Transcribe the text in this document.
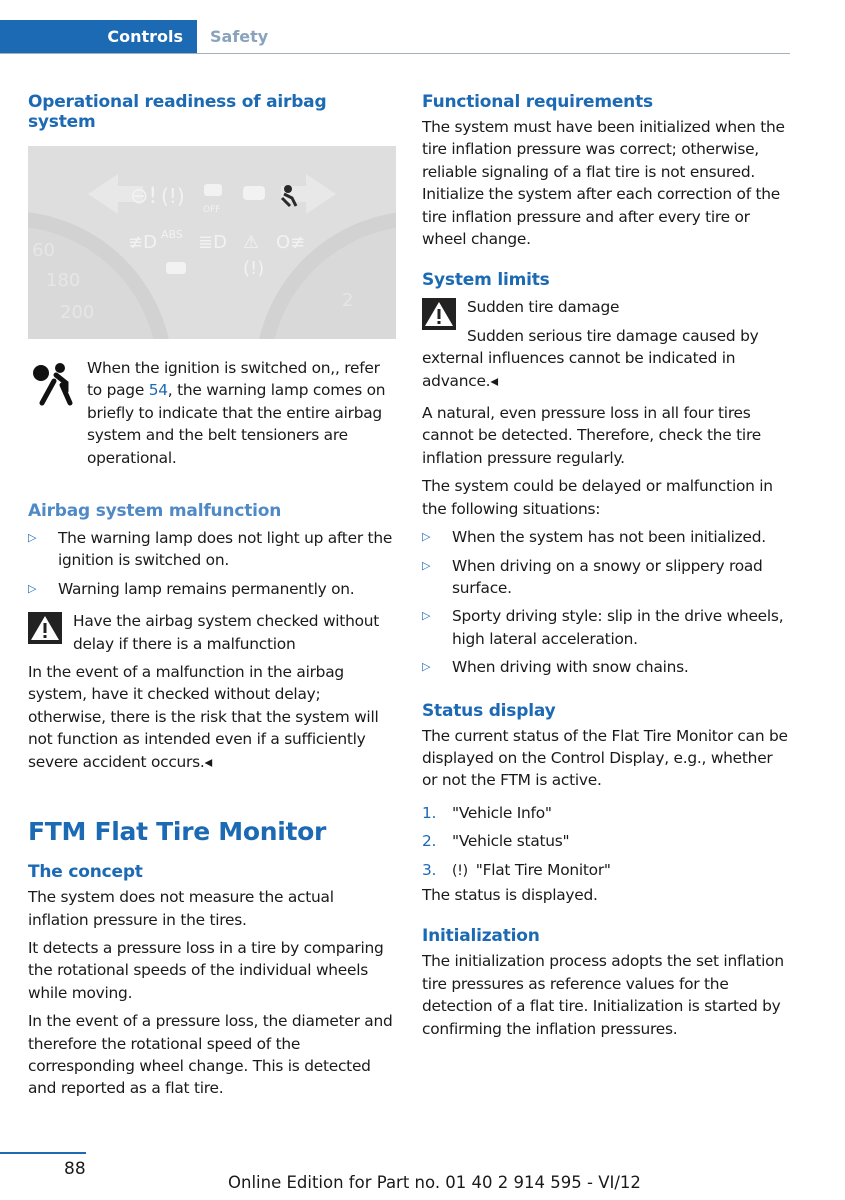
Controls	Safety
Operational readiness of airbag system
⊖! (!)
OFF
≢D ABS ≣D ⚠ O≢
(!)
60
180
200
2

When the ignition is switched on,, refer to page 54, the warning lamp comes on briefly to indicate that the entire airbag system and the belt tensioners are operational.

Airbag system malfunction
▷ The warning lamp does not light up after the ignition is switched on.
▷ Warning lamp remains permanently on.

Have the airbag system checked without delay if there is a malfunction

In the event of a malfunction in the airbag system, have it checked without delay; otherwise, there is the risk that the system will not function as intended even if a sufficiently severe accident occurs.◂

FTM Flat Tire Monitor
The concept

The system does not measure the actual inflation pressure in the tires.

It detects a pressure loss in a tire by comparing the rotational speeds of the individual wheels while moving.

In the event of a pressure loss, the diameter and therefore the rotational speed of the corresponding wheel change. This is detected and reported as a flat tire.

Functional requirements

The system must have been initialized when the tire inflation pressure was correct; otherwise, reliable signaling of a flat tire is not ensured. Initialize the system after each correction of the tire inflation pressure and after every tire or wheel change.

System limits

Sudden tire damage

Sudden serious tire damage caused by external influences cannot be indicated in advance.◂

A natural, even pressure loss in all four tires cannot be detected. Therefore, check the tire inflation pressure regularly.

The system could be delayed or malfunction in the following situations:

▷ When the system has not been initialized.
▷ When driving on a snowy or slippery road surface.
▷ Sporty driving style: slip in the drive wheels, high lateral acceleration.
▷ When driving with snow chains.
Status display

The current status of the Flat Tire Monitor can be displayed on the Control Display, e.g., whether or not the FTM is active.

1. "Vehicle Info"
2. "Vehicle status"
3. (!) "Flat Tire Monitor"

The status is displayed.

Initialization

The initialization process adopts the set inflation tire pressures as reference values for the detection of a flat tire. Initialization is started by confirming the inflation pressures.

88
Online Edition for Part no. 01 40 2 914 595 - VI/12
